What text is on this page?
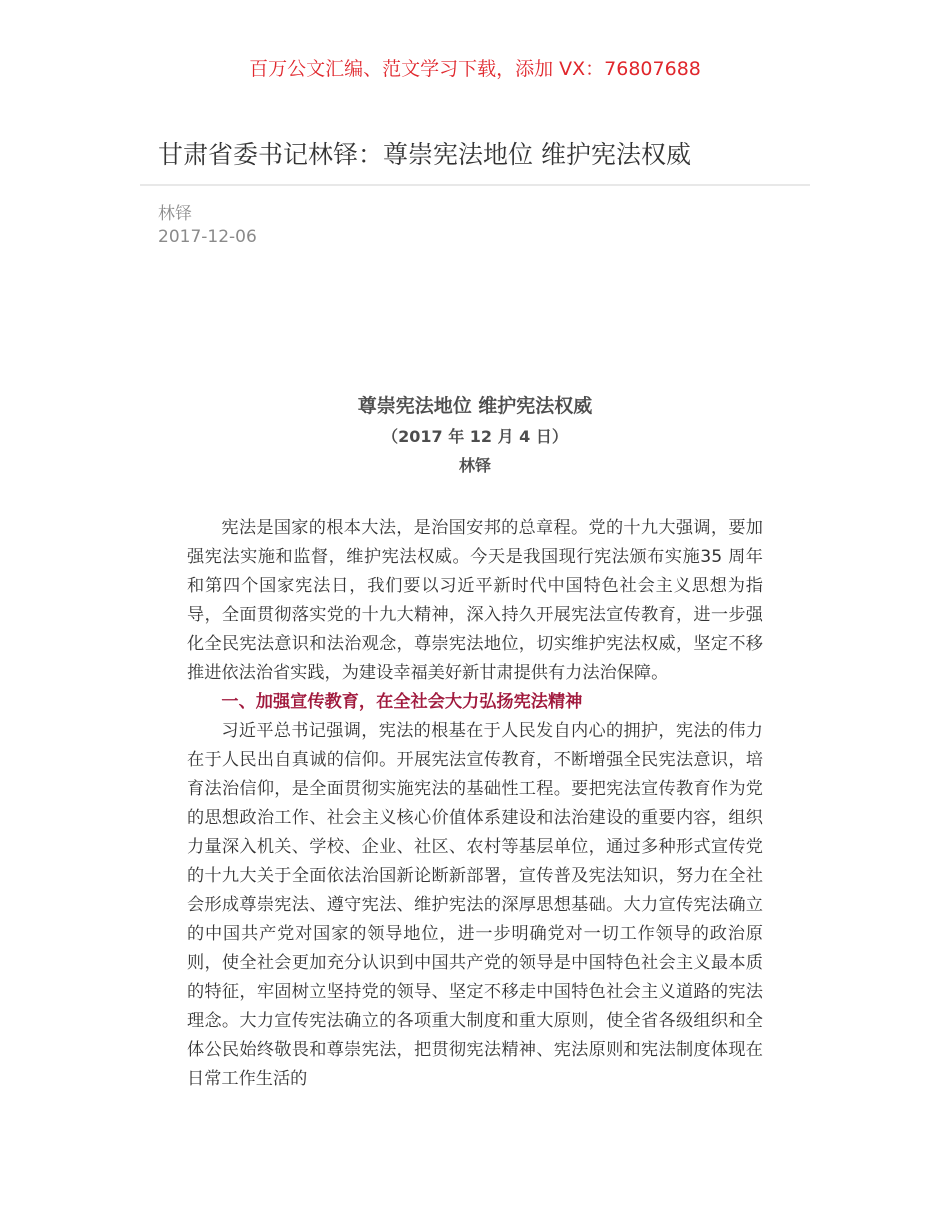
百万公文汇编、范文学习下载，添加 VX：76807688
甘肃省委书记林铎：尊崇宪法地位 维护宪法权威
林铎
2017-12-06
尊崇宪法地位 维护宪法权威
（2017 年 12 月 4 日）
林铎

宪法是国家的根本大法，是治国安邦的总章程。党的十九大强调，要加强宪法实施和监督，维护宪法权威。今天是我国现行宪法颁布实施35 周年和第四个国家宪法日，我们要以习近平新时代中国特色社会主义思想为指导，全面贯彻落实党的十九大精神，深入持久开展宪法宣传教育，进一步强化全民宪法意识和法治观念，尊崇宪法地位，切实维护宪法权威，坚定不移推进依法治省实践，为建设幸福美好新甘肃提供有力法治保障。

一、加强宣传教育，在全社会大力弘扬宪法精神

习近平总书记强调，宪法的根基在于人民发自内心的拥护，宪法的伟力在于人民出自真诚的信仰。开展宪法宣传教育，不断增强全民宪法意识，培育法治信仰，是全面贯彻实施宪法的基础性工程。要把宪法宣传教育作为党的思想政治工作、社会主义核心价值体系建设和法治建设的重要内容，组织力量深入机关、学校、企业、社区、农村等基层单位，通过多种形式宣传党的十九大关于全面依法治国新论断新部署，宣传普及宪法知识，努力在全社会形成尊崇宪法、遵守宪法、维护宪法的深厚思想基础。大力宣传宪法确立的中国共产党对国家的领导地位，进一步明确党对一切工作领导的政治原则，使全社会更加充分认识到中国共产党的领导是中国特色社会主义最本质的特征，牢固树立坚持党的领导、坚定不移走中国特色社会主义道路的宪法理念。大力宣传宪法确立的各项重大制度和重大原则，使全省各级组织和全体公民始终敬畏和尊崇宪法，把贯彻宪法精神、宪法原则和宪法制度体现在日常工作生活的
